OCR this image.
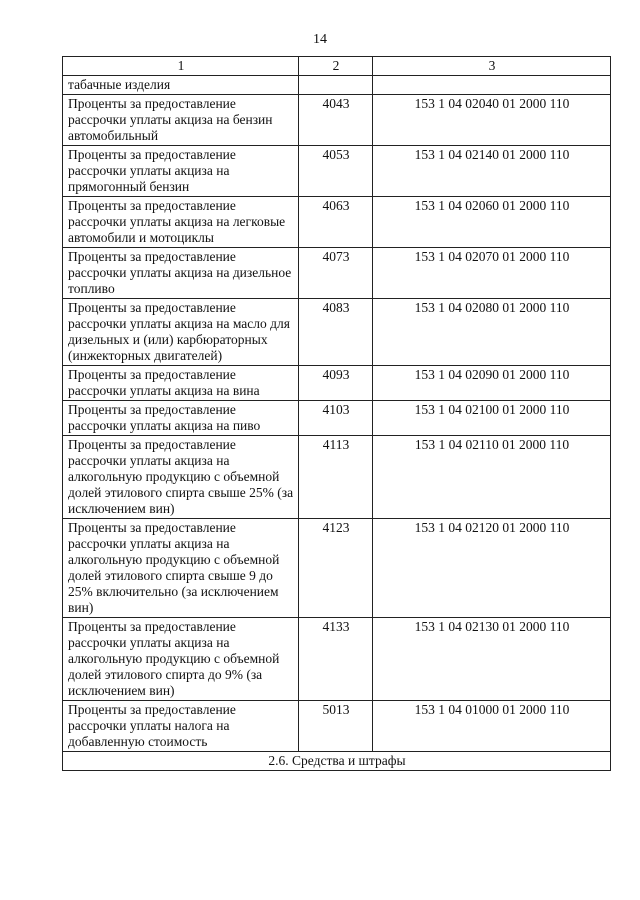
14
1	2	3
табачные изделия		
Проценты за предоставление рассрочки уплаты акциза на бензин автомобильный	4043	153 1 04 02040 01 2000 110
Проценты за предоставление рассрочки уплаты акциза на прямогонный бензин	4053	153 1 04 02140 01 2000 110
Проценты за предоставление рассрочки уплаты акциза на легковые автомобили и мотоциклы	4063	153 1 04 02060 01 2000 110
Проценты за предоставление рассрочки уплаты акциза на дизельное топливо	4073	153 1 04 02070 01 2000 110
Проценты за предоставление рассрочки уплаты акциза на масло для дизельных и (или) карбюраторных (инжекторных двигателей)	4083	153 1 04 02080 01 2000 110
Проценты за предоставление рассрочки уплаты акциза на вина	4093	153 1 04 02090 01 2000 110
Проценты за предоставление рассрочки уплаты акциза на пиво	4103	153 1 04 02100 01 2000 110
Проценты за предоставление рассрочки уплаты акциза на алкогольную продукцию с объемной долей этилового спирта свыше 25% (за исключением вин)	4113	153 1 04 02110 01 2000 110
Проценты за предоставление рассрочки уплаты акциза на алкогольную продукцию с объемной долей этилового спирта свыше 9 до 25% включительно (за исключением вин)	4123	153 1 04 02120 01 2000 110
Проценты за предоставление рассрочки уплаты акциза на алкогольную продукцию с объемной долей этилового спирта до 9% (за исключением вин)	4133	153 1 04 02130 01 2000 110
Проценты за предоставление рассрочки уплаты налога на добавленную стоимость	5013	153 1 04 01000 01 2000 110
2.6. Средства и штрафы		
